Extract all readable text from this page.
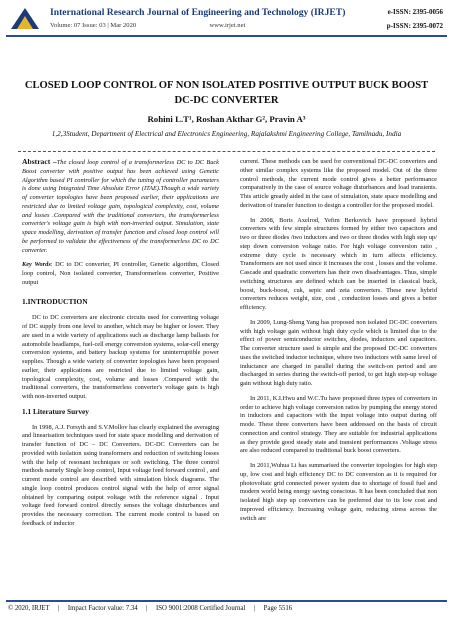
International Research Journal of Engineering and Technology (IRJET)
Volume: 07 Issue: 03 | Mar 2020	www.irjet.net
e-ISSN: 2395-0056
p-ISSN: 2395-0072
CLOSED LOOP CONTROL OF NON ISOLATED POSITIVE OUTPUT BUCK BOOST DC-DC CONVERTER
Rohini L.T¹, Roshan Akthar G², Pravin A³
1,2,3Student, Department of Electrical and Electronics Engineering, Rajalakshmi Engineering College, Tamilnadu, India

Abstract –The closed loop control of a transformerless DC to DC Buck Boost converter with positive output has been achieved using Genetic Algorithm based PI controller for which the tuning of controller parameters is done using Integrated Time Absolute Error (ITAE).Though a wide variety of converter topologies have been proposed earlier, their applications are restricted due to limited voltage gain, topological complexity, cost, volume and losses .Compared with the traditional converters, the transformerless converter's voltage gain is high with non-inverted output. Simulation, state space modelling, derivation of transfer function and closed loop control will be performed to validate the effectiveness of the transformerless DC to DC converter.

Key Words: DC to DC converter, PI controller, Genetic algorithm, Closed loop control, Non isolated converter, Transformerless converter, Positive output

1.INTRODUCTION

DC to DC converters are electronic circuits used for converting voltage of DC supply from one level to another, which may be higher or lower. They are used in a wide variety of applications such as discharge lamp ballasts for automobile headlamps, fuel-cell energy conversion systems, solar-cell energy conversion systems, and battery backup systems for uninterruptible power supplies. Though a wide variety of converter topologies have been proposed earlier, their applications are restricted due to limited voltage gain, topological complexity, cost, volume and losses .Compared with the traditional converters, the transformerless converter's voltage gain is high with non-inverted output.

1.1 Literature Survey

In 1998, A.J. Forsyth and S.V.Mollov has clearly explained the averaging and linearisation techniques used for state space modelling and derivation of transfer function of DC – DC Converters. DC-DC Converters can be provided with isolation using transformers and reduction of switching losses with the help of resonant techniques or soft switching. The three control methods namely Single loop control, Input voltage feed forward control , and current mode control are described with simulation block diagrams. The single loop control produces control signal with the help of error signal obtained by comparing output voltage with the reference signal . Input voltage feed forward control directly senses the voltage disturbances and provides the necessary correction. The current mode control is based on feedback of inductor

current. These methods can be used for conventional DC-DC converters and other similar complex systems like the proposed model. Out of the three control methods, the current mode control gives a better performance comparatively in the case of source voltage disturbances and load transients. This article greatly aided in the case of simulation, state space modelling and derivation of transfer function to design a controller for the proposed model.

In 2008, Boris Axelrod, Yefim Berkovich have proposed hybrid converters with few simple structures formed by either two capacitors and two or three diodes /two inductors and two or three diodes with high step up/ step down conversion voltage ratio. For high voltage conversion ratio , extreme duty cycle is necessary which in turn affects efficiency. Transformers are not used since it increases the cost , losses and the volume. Cascade and quadratic converters has their own disadvantages. Thus, simple switching structures are defined which can be inserted in classical buck, boost, buck-boost, cuk, sepic and zeta converters. These new hybrid converters reduces weight, size, cost , conduction losses and gives a better efficiency.

In 2009, Lung-Sheng Yang has proposed non isolated DC-DC converters with high voltage gain without high duty cycle which is limited due to the effect of power semiconductor switches, diodes, inductors and capacitors. The converter structure used is simple and the proposed DC-DC converters uses the switched inductor technique, where two inductors with same level of inductance are charged in parallel during the switch-on period and are discharged in series during the switch-off period, to get high step-up voltage gain without high duty ratio.

In 2011, K.I.Hwu and W.C.Tu have proposed three types of converters in order to achieve high voltage conversion ratios by pumping the energy stored in inductors and capacitors with the input voltage into output during off mode. These three converters have been addressed on the basis of circuit connection and control strategy. They are suitable for industrial applications as they provide good steady state and transient performances .Voltage stress are also reduced compared to traditional buck boost converters.

In 2011,Wuhua Li has summarised the converter topologies for high step up, low cost and high efficiency DC to DC conversion as it is required for photovoltaic grid connected power system due to shortage of fossil fuel and modern world being energy saving conscious. It has been concluded that non isolated high step up converters can be preferred due to its low cost and improved efficiency. Increasing voltage gain, reducing stress across the switch are

© 2020, IRJET     |     Impact Factor value: 7.34     |     ISO 9001:2008 Certified Journal     |     Page 5516
